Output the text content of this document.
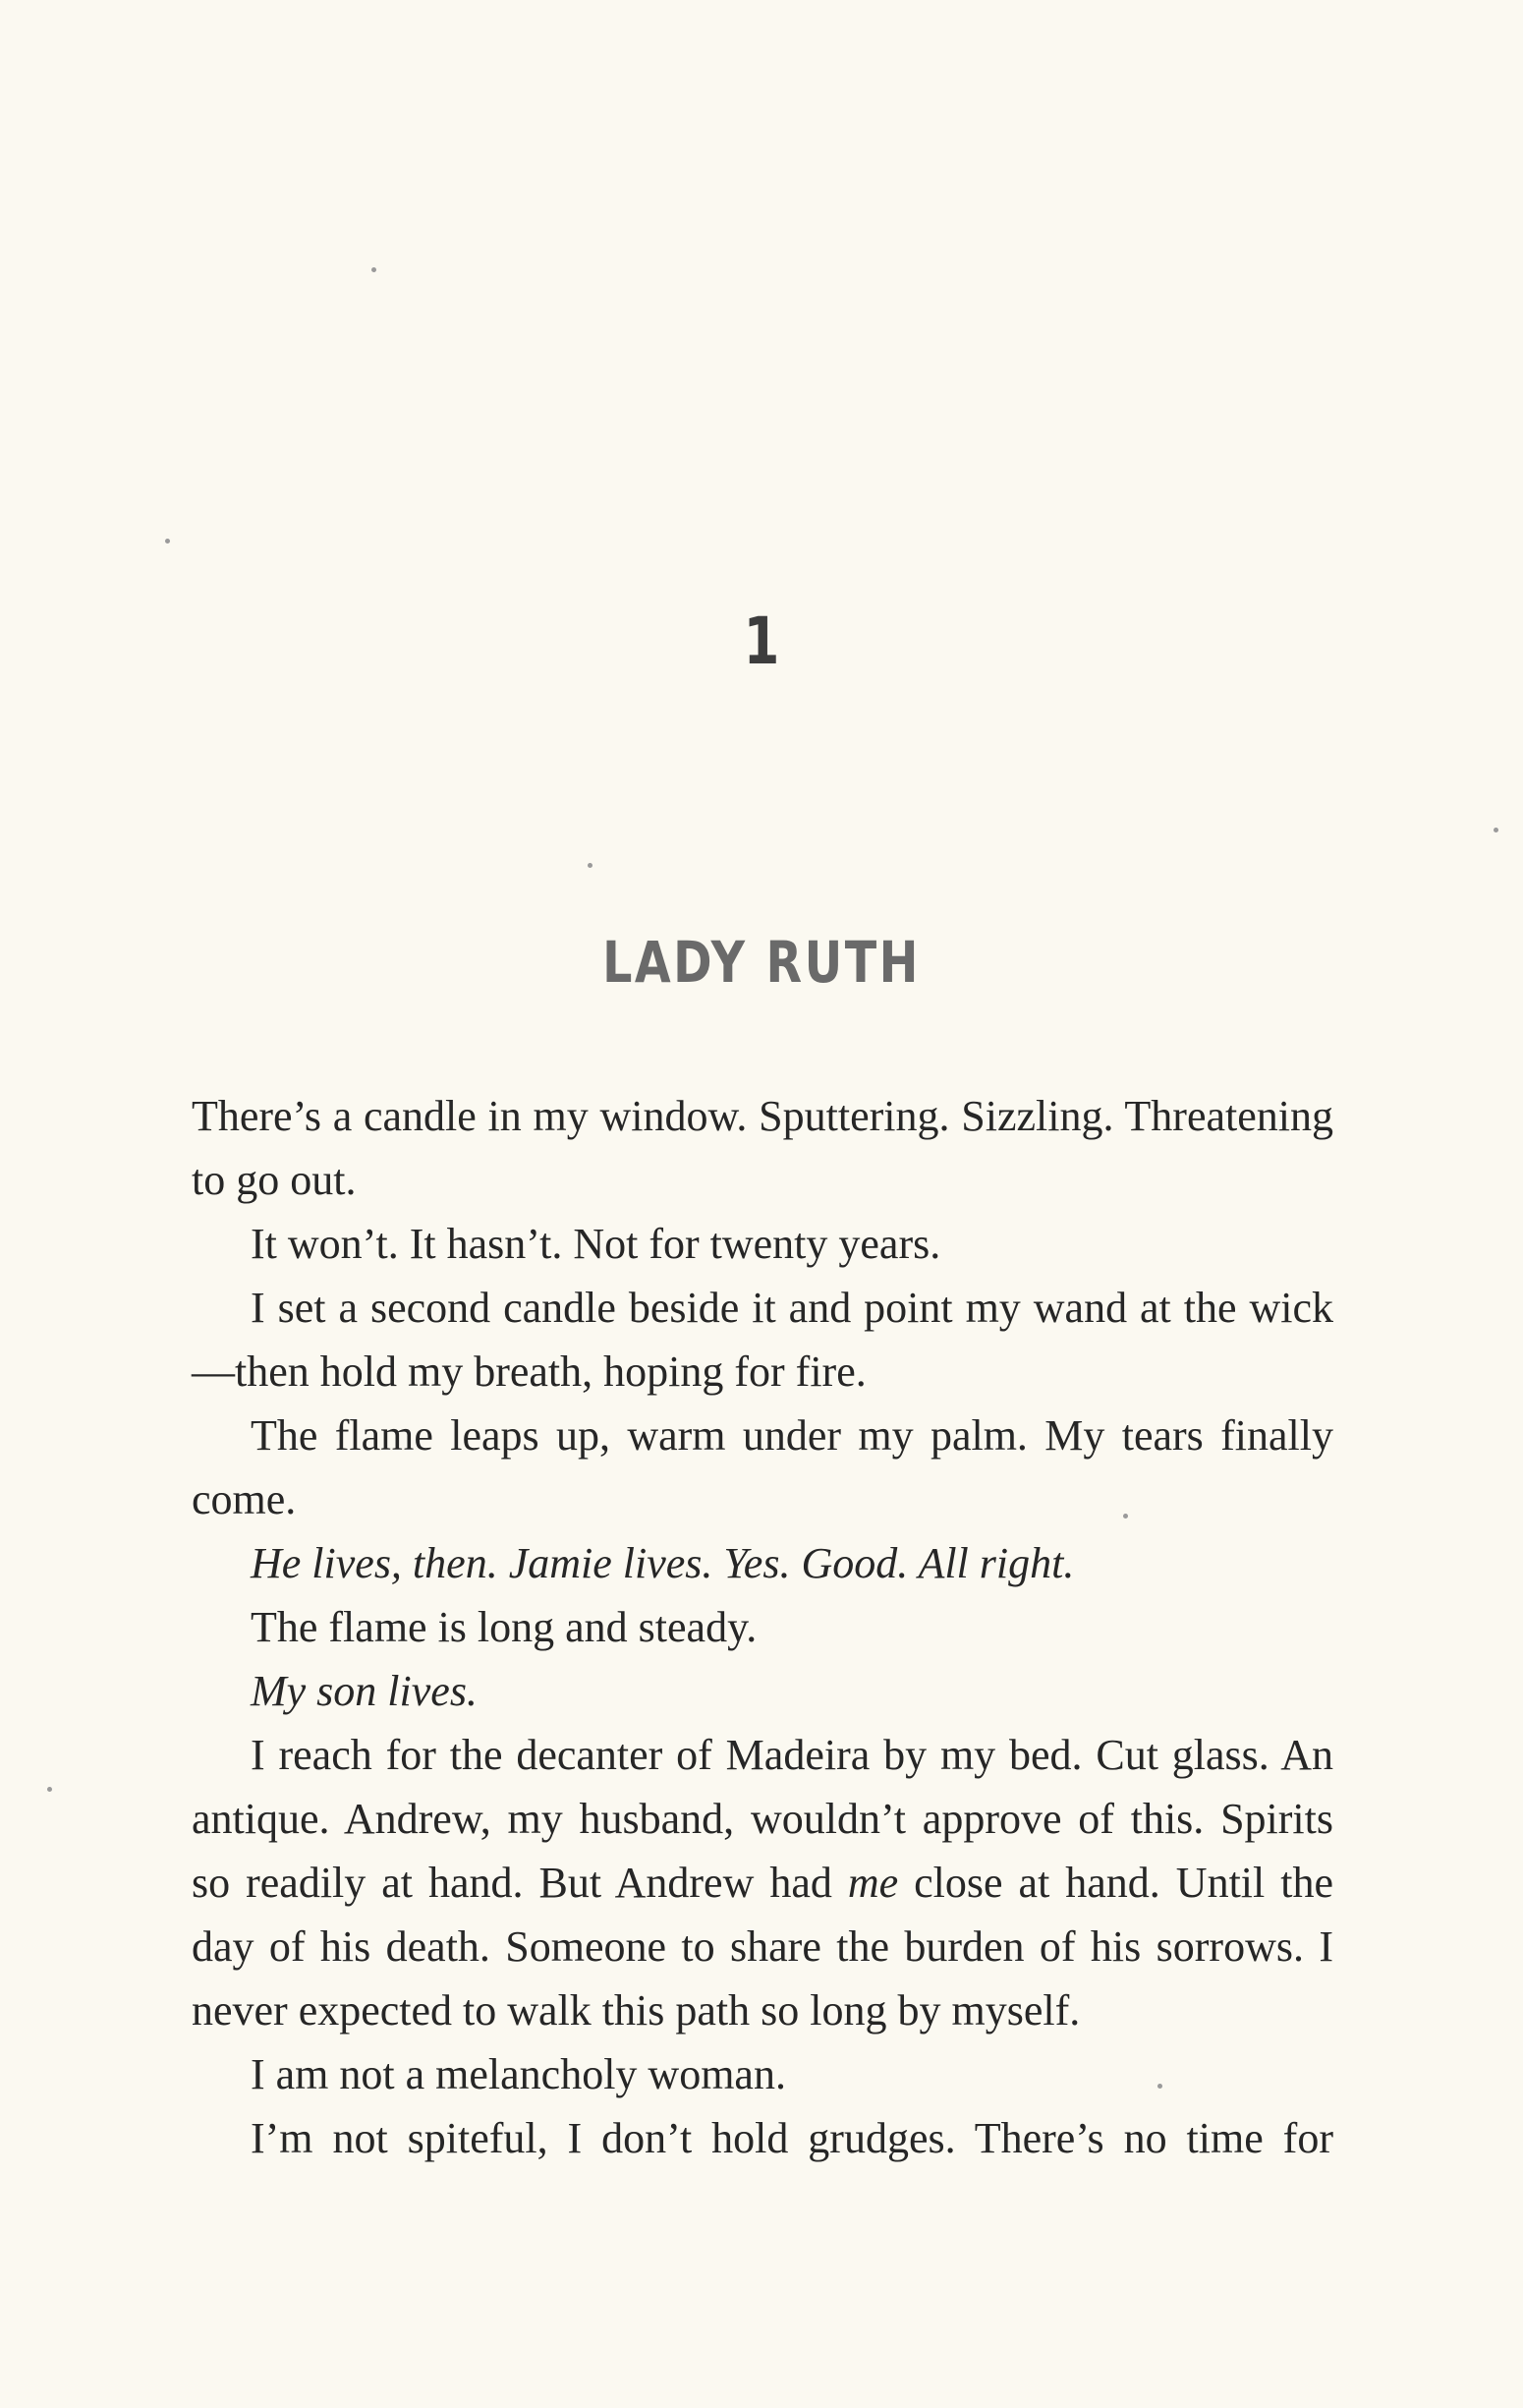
1
LADY RUTH

There’s a candle in my window. Sputtering. Sizzling. Threatening to go out.

It won’t. It hasn’t. Not for twenty years.

I set a second candle beside it and point my wand at the wick—then hold my breath, hoping for fire.

The flame leaps up, warm under my palm. My tears finally come.

He lives, then. Jamie lives. Yes. Good. All right.

The flame is long and steady.

My son lives.

I reach for the decanter of Madeira by my bed. Cut glass. An antique. Andrew, my husband, wouldn’t approve of this. Spirits so readily at hand. But Andrew had me close at hand. Until the day of his death. Someone to share the burden of his sorrows. I never expected to walk this path so long by myself.

I am not a melancholy woman.

I’m not spiteful, I don’t hold grudges. There’s no time for
